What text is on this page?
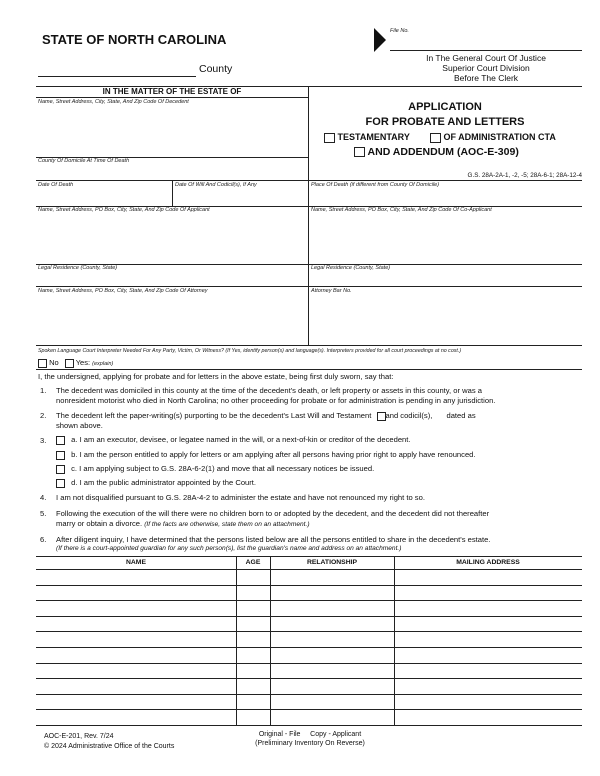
STATE OF NORTH CAROLINA
County
File No.
In The General Court Of Justice
Superior Court Division
Before The Clerk
IN THE MATTER OF THE ESTATE OF
Name, Street Address, City, State, And Zip Code Of Decedent
County Of Domicile At Time Of Death
APPLICATION
FOR PROBATE AND LETTERS
TESTAMENTARY	OF ADMINISTRATION CTA
AND ADDENDUM (AOC-E-309)
G.S. 28A-2A-1, -2, -5; 28A-6-1; 28A-12-4
Date Of Death	Date Of Will And Codicil(s), If Any	Place Of Death (if different from County Of Domicile)
Name, Street Address, PO Box, City, State, And Zip Code Of Applicant	Name, Street Address, PO Box, City, State, And Zip Code Of Co-Applicant
Legal Residence (County, State)	Legal Residence (County, State)
Name, Street Address, PO Box, City, State, And Zip Code Of Attorney	Attorney Bar No.
Spoken Language Court Interpreter Needed For Any Party, Victim, Or Witness? (If Yes, identify person(s) and language(s). Interpreters provided for all court proceedings at no cost.)
No Yes: (explain)
I, the undersigned, applying for probate and for letters in the above estate, being first duly sworn, say that:
1. The decedent was domiciled in this county at the time of the decedent's death, or left property or assets in this county, or was a
nonresident motorist who died in North Carolina; no other proceeding for probate or for administration is pending in any jurisdiction.
2. The decedent left the paper-writing(s) purporting to be the decedent's Last Will and Testament and codicil(s), dated as
shown above.
3.	a. I am an executor, devisee, or legatee named in the will, or a next-of-kin or creditor of the decedent.
b. I am the person entitled to apply for letters or am applying after all persons having prior right to apply have renounced.
c. I am applying subject to G.S. 28A-6-2(1) and move that all necessary notices be issued.
d. I am the public administrator appointed by the Court.
4. I am not disqualified pursuant to G.S. 28A-4-2 to administer the estate and have not renounced my right to so.
5. Following the execution of the will there were no children born to or adopted by the decedent, and the decedent did not thereafter
marry or obtain a divorce. (If the facts are otherwise, state them on an attachment.)
6. After diligent inquiry, I have determined that the persons listed below are all the persons entitled to share in the decedent's estate.
(If there is a court-appointed guardian for any such person(s), list the guardian's name and address on an attachment.)
NAME	AGE	RELATIONSHIP	MAILING ADDRESS
AOC-E-201, Rev. 7/24
© 2024 Administrative Office of the Courts
Original - File     Copy - Applicant
(Preliminary Inventory On Reverse)
